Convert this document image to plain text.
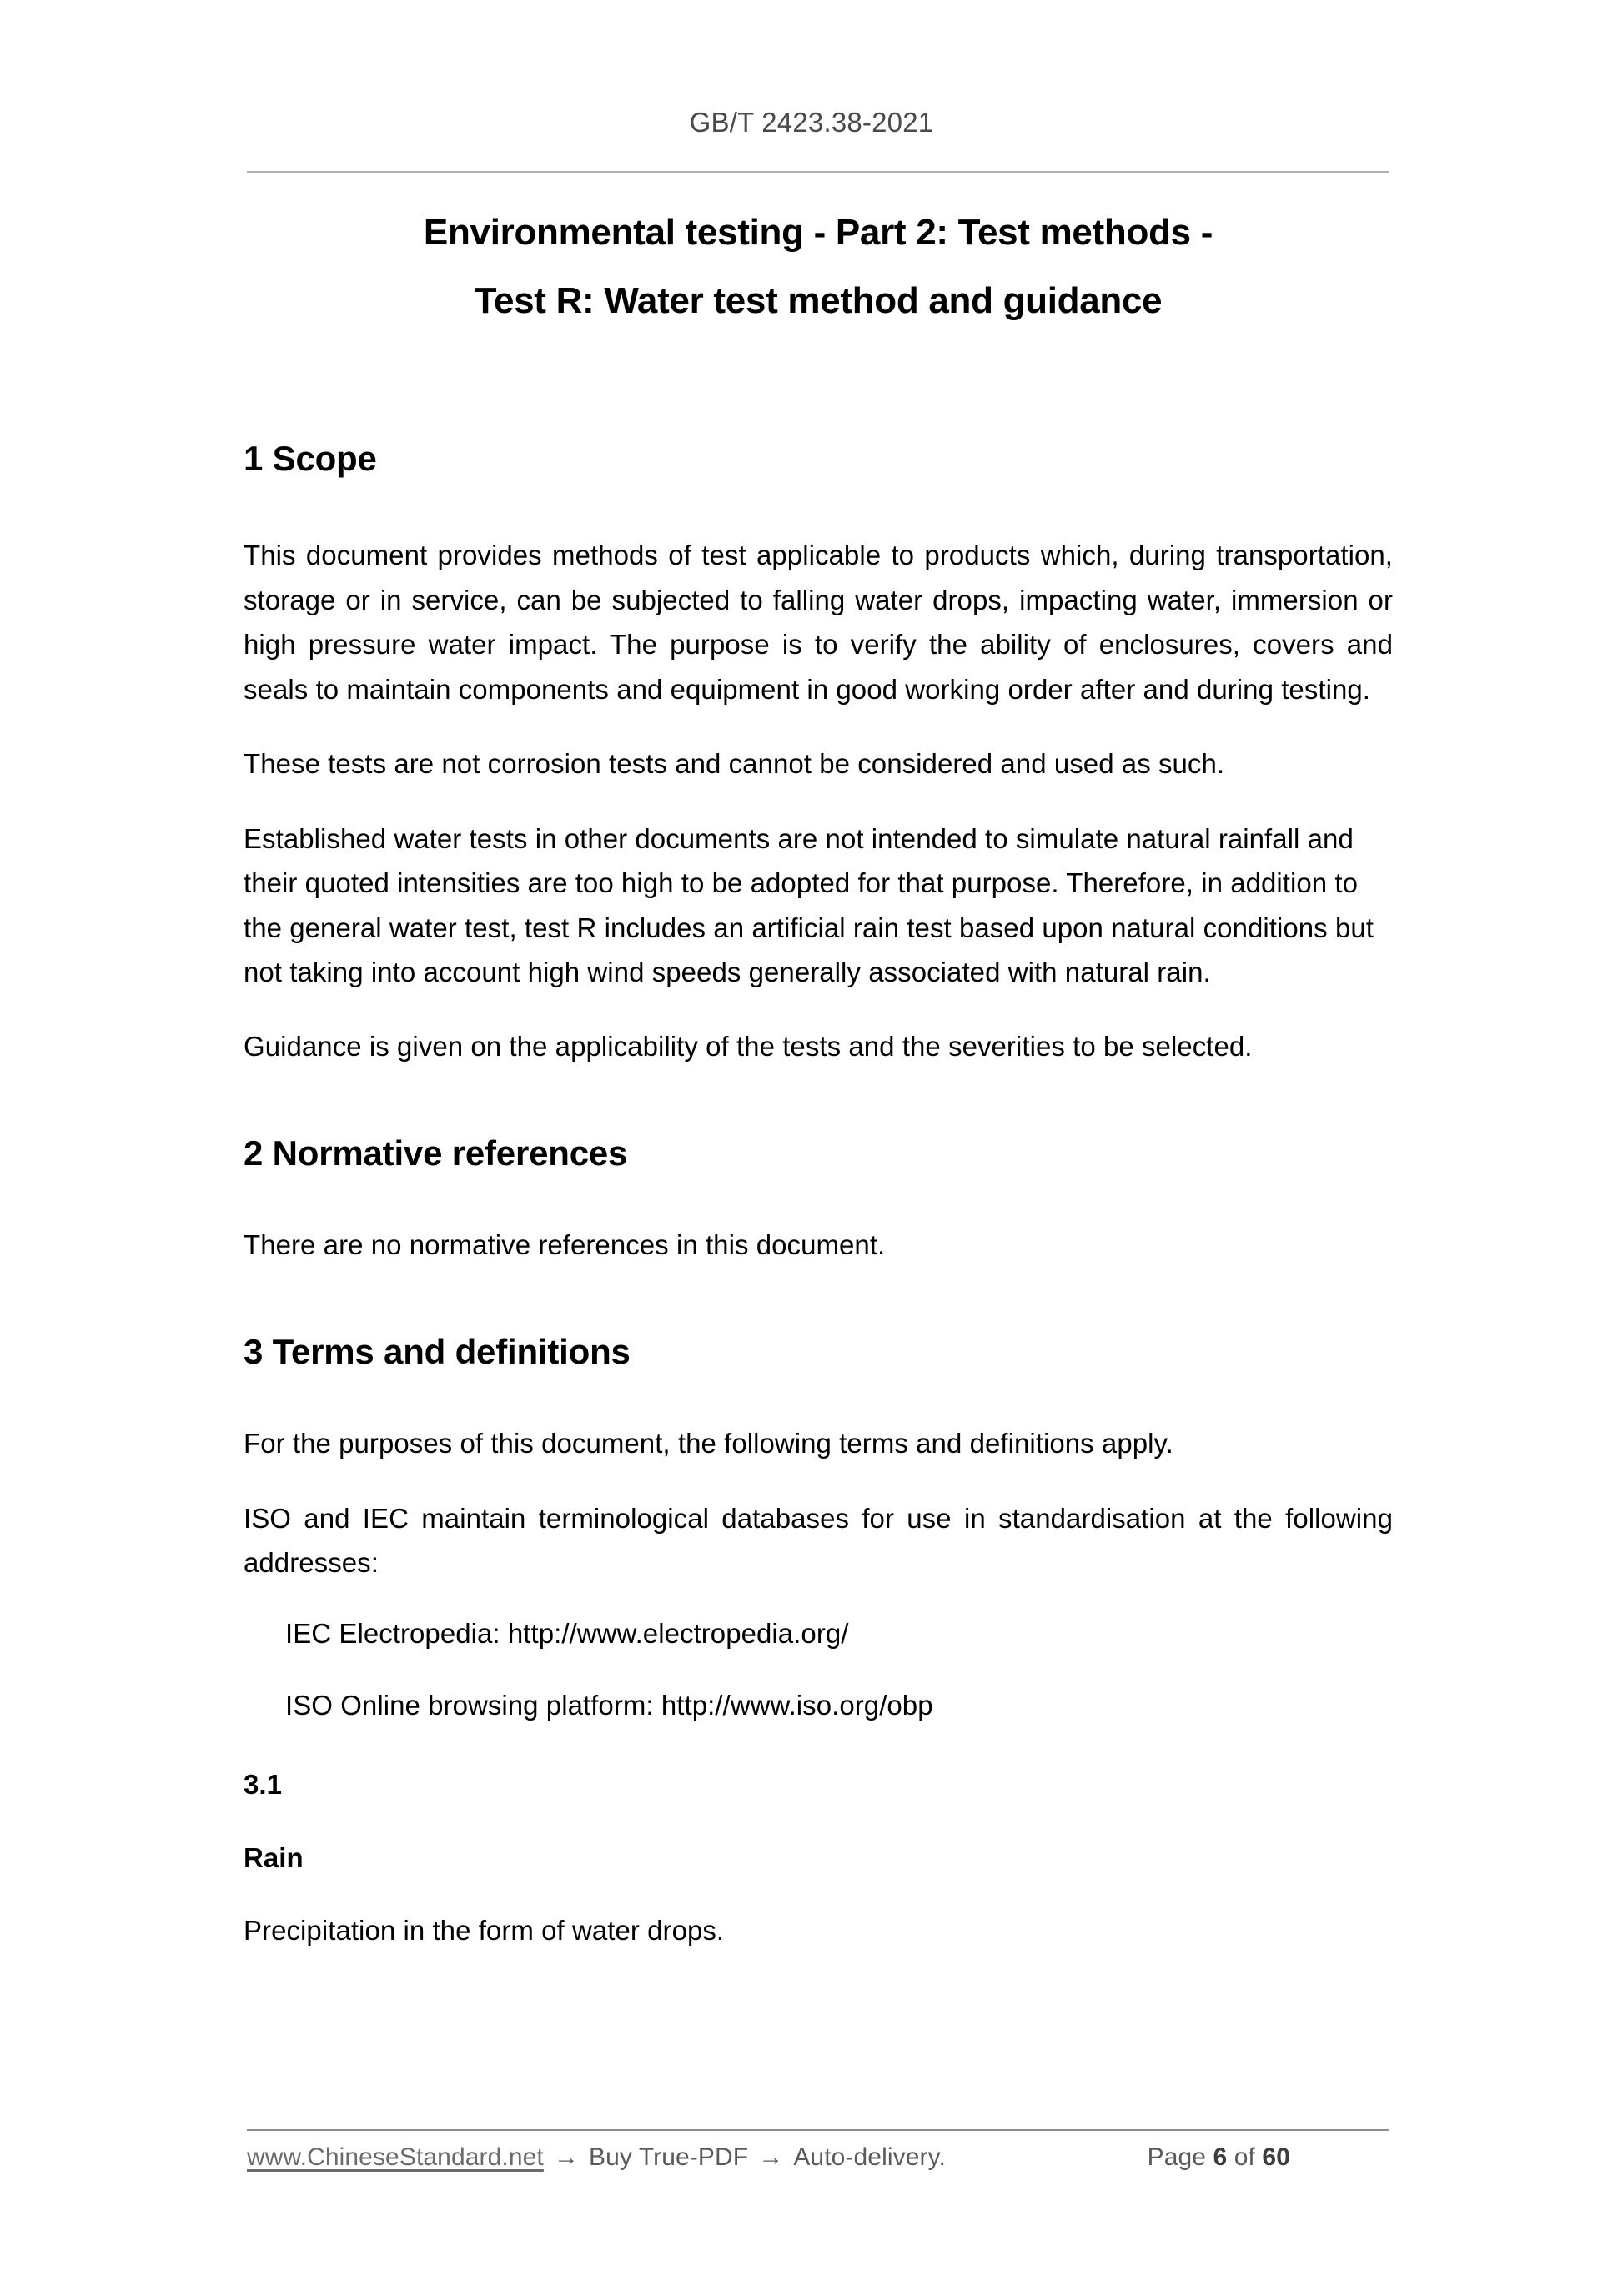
GB/T 2423.38-2021
Environmental testing - Part 2: Test methods -
Test R: Water test method and guidance
1 Scope

This document provides methods of test applicable to products which, during transportation, storage or in service, can be subjected to falling water drops, impacting water, immersion or high pressure water impact. The purpose is to verify the ability of enclosures, covers and seals to maintain components and equipment in good working order after and during testing.

These tests are not corrosion tests and cannot be considered and used as such.

Established water tests in other documents are not intended to simulate natural rainfall and their quoted intensities are too high to be adopted for that purpose. Therefore, in addition to the general water test, test R includes an artificial rain test based upon natural conditions but not taking into account high wind speeds generally associated with natural rain.

Guidance is given on the applicability of the tests and the severities to be selected.

2 Normative references

There are no normative references in this document.

3 Terms and definitions

For the purposes of this document, the following terms and definitions apply.

ISO and IEC maintain terminological databases for use in standardisation at the following addresses:

IEC Electropedia: http://www.electropedia.org/

ISO Online browsing platform: http://www.iso.org/obp

3.1

Rain

Precipitation in the form of water drops.

www.ChineseStandard.net → Buy True-PDF → Auto-delivery.	Page 6 of 60
